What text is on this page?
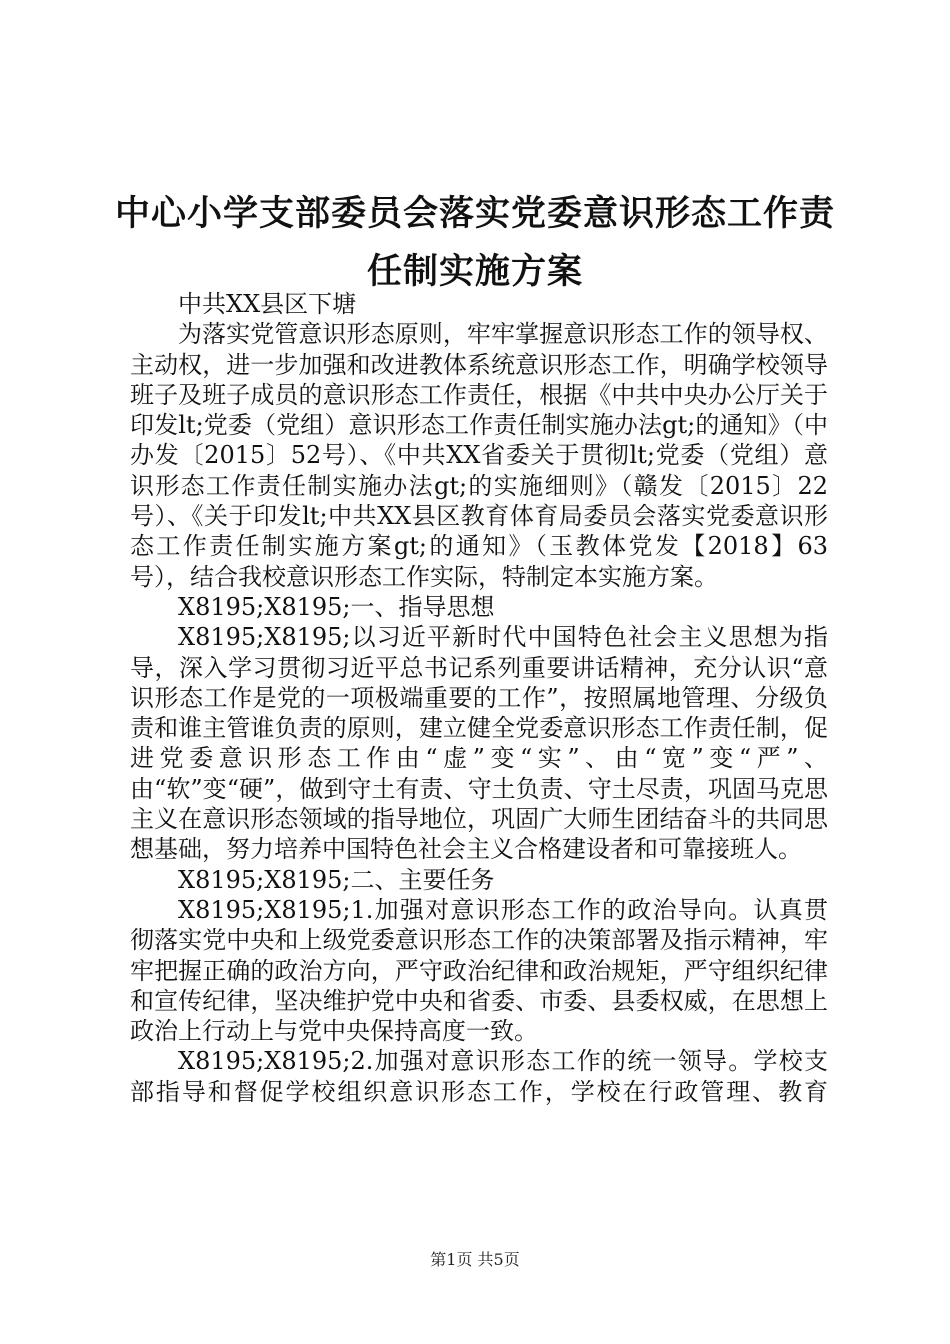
中心小学支部委员会落实党委意识形态工作责
任制实施方案

中共XX县区下塘

为落实党管意识形态原则，牢牢掌握意识形态工作的领导权、主动权，进一步加强和改进教体系统意识形态工作，明确学校领导班子及班子成员的意识形态工作责任，根据《中共中央办公厅关于印发lt;党委（党组）意识形态工作责任制实施办法gt;的通知》（中办发〔2015〕52号）、《中共XX省委关于贯彻lt;党委（党组）意识形态工作责任制实施办法gt;的实施细则》（赣发〔2015〕22号）、《关于印发lt;中共XX县区教育体育局委员会落实党委意识形态工作责任制实施方案gt;的通知》（玉教体党发【2018】63号），结合我校意识形态工作实际，特制定本实施方案。

X8195;X8195;一、指导思想

X8195;X8195;以习近平新时代中国特色社会主义思想为指导，深入学习贯彻习近平总书记系列重要讲话精神，充分认识“意识形态工作是党的一项极端重要的工作”，按照属地管理、分级负责和谁主管谁负责的原则，建立健全党委意识形态工作责任制，促进党委意识形态工作由“虚”变“实”、由“宽”变“严”、由“软”变“硬”，做到守土有责、守土负责、守土尽责，巩固马克思主义在意识形态领域的指导地位，巩固广大师生团结奋斗的共同思想基础，努力培养中国特色社会主义合格建设者和可靠接班人。

X8195;X8195;二、主要任务

X8195;X8195;1.加强对意识形态工作的政治导向。认真贯彻落实党中央和上级党委意识形态工作的决策部署及指示精神，牢牢把握正确的政治方向，严守政治纪律和政治规矩，严守组织纪律和宣传纪律，坚决维护党中央和省委、市委、县委权威，在思想上政治上行动上与党中央保持高度一致。

X8195;X8195;2.加强对意识形态工作的统一领导。学校支部指导和督促学校组织意识形态工作，学校在行政管理、教育

第1页 共5页
